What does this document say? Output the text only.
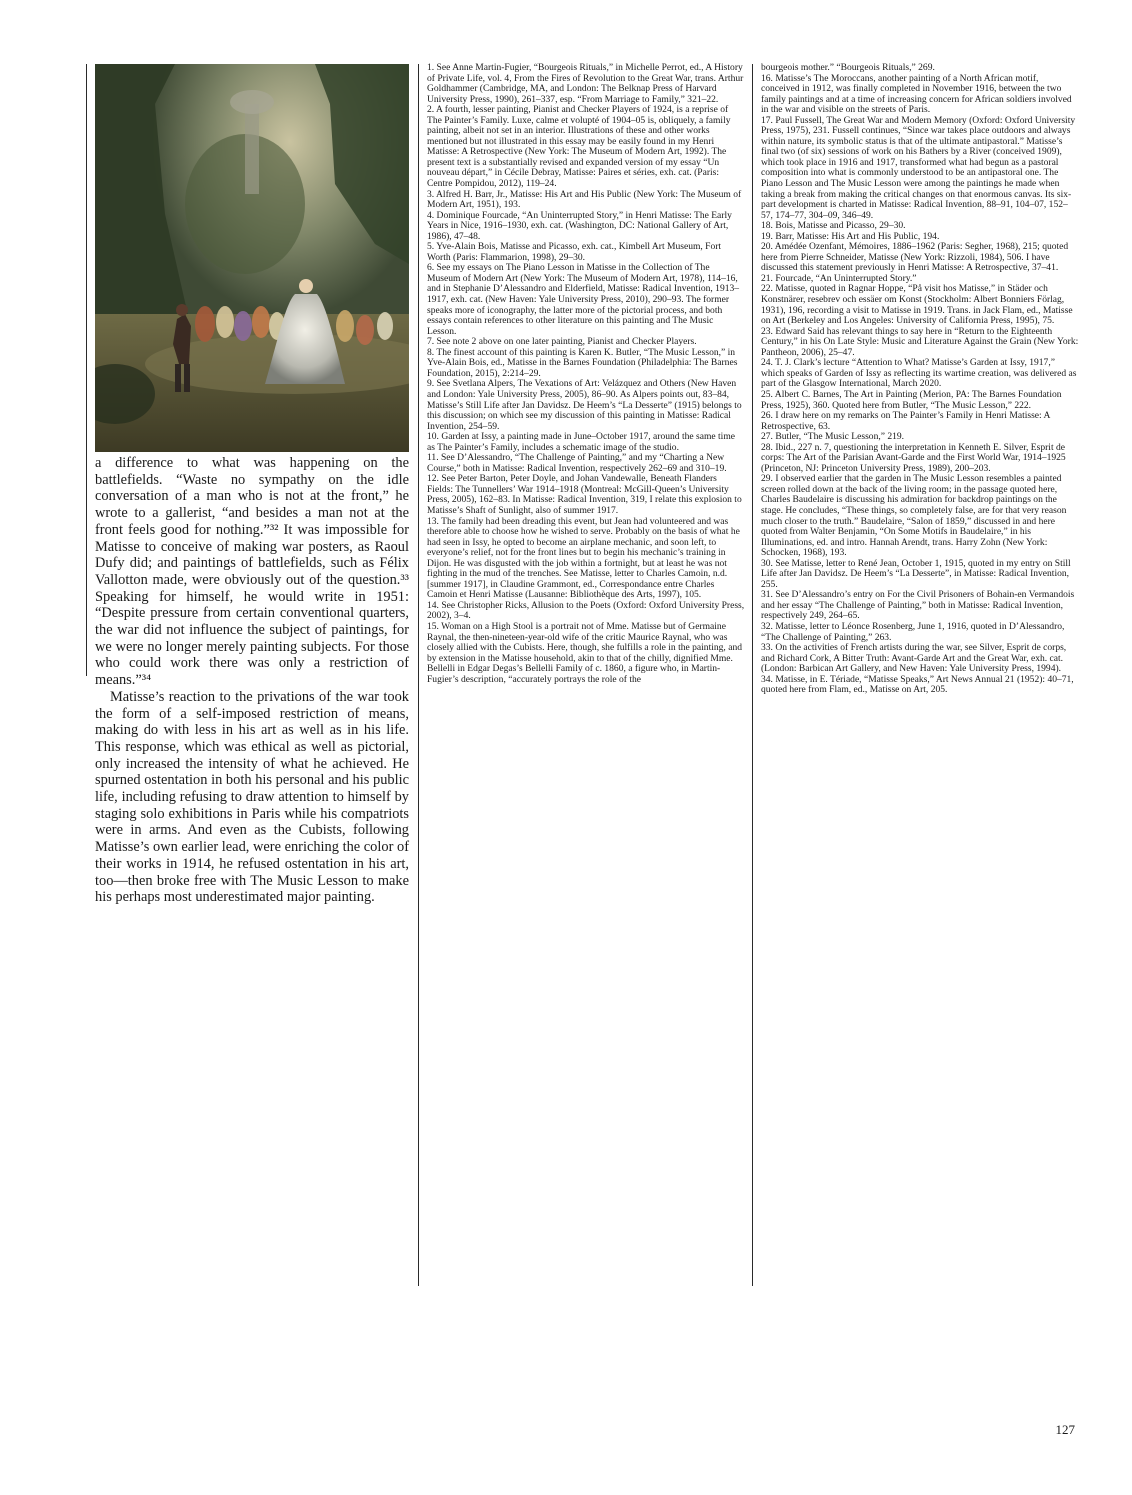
a difference to what was happening on the battlefields. “Waste no sympathy on the idle conversation of a man who is not at the front,” he wrote to a gallerist, “and besides a man not at the front feels good for nothing.”³² It was impossible for Matisse to conceive of making war posters, as Raoul Dufy did; and paintings of battlefields, such as Félix Vallotton made, were obviously out of the question.³³ Speaking for himself, he would write in 1951: “Despite pressure from certain conventional quarters, the war did not influence the subject of paintings, for we were no longer merely painting subjects. For those who could work there was only a restriction of means.”³⁴

Matisse’s reaction to the privations of the war took the form of a self-imposed restriction of means, making do with less in his art as well as in his life. This response, which was ethical as well as pictorial, only increased the intensity of what he achieved. He spurned ostentation in both his personal and his public life, including refusing to draw attention to himself by staging solo exhibitions in Paris while his compatriots were in arms. And even as the Cubists, following Matisse’s own earlier lead, were enriching the color of their works in 1914, he refused ostentation in his art, too—then broke free with The Music Lesson to make his perhaps most underestimated major painting.

1. See Anne Martin-Fugier, “Bourgeois Rituals,” in Michelle Perrot, ed., A History of Private Life, vol. 4, From the Fires of Revolution to the Great War, trans. Arthur Goldhammer (Cambridge, MA, and London: The Belknap Press of Harvard University Press, 1990), 261–337, esp. “From Marriage to Family,” 321–22.

2. A fourth, lesser painting, Pianist and Checker Players of 1924, is a reprise of The Painter’s Family. Luxe, calme et volupté of 1904–05 is, obliquely, a family painting, albeit not set in an interior. Illustrations of these and other works mentioned but not illustrated in this essay may be easily found in my Henri Matisse: A Retrospective (New York: The Museum of Modern Art, 1992). The present text is a substantially revised and expanded version of my essay “Un nouveau départ,” in Cécile Debray, Matisse: Paires et séries, exh. cat. (Paris: Centre Pompidou, 2012), 119–24.

3. Alfred H. Barr, Jr., Matisse: His Art and His Public (New York: The Museum of Modern Art, 1951), 193.

4. Dominique Fourcade, “An Uninterrupted Story,” in Henri Matisse: The Early Years in Nice, 1916–1930, exh. cat. (Washington, DC: National Gallery of Art, 1986), 47–48.

5. Yve-Alain Bois, Matisse and Picasso, exh. cat., Kimbell Art Museum, Fort Worth (Paris: Flammarion, 1998), 29–30.

6. See my essays on The Piano Lesson in Matisse in the Collection of The Museum of Modern Art (New York: The Museum of Modern Art, 1978), 114–16, and in Stephanie D’Alessandro and Elderfield, Matisse: Radical Invention, 1913–1917, exh. cat. (New Haven: Yale University Press, 2010), 290–93. The former speaks more of iconography, the latter more of the pictorial process, and both essays contain references to other literature on this painting and The Music Lesson.

7. See note 2 above on one later painting, Pianist and Checker Players.

8. The finest account of this painting is Karen K. Butler, “The Music Lesson,” in Yve-Alain Bois, ed., Matisse in the Barnes Foundation (Philadelphia: The Barnes Foundation, 2015), 2:214–29.

9. See Svetlana Alpers, The Vexations of Art: Velázquez and Others (New Haven and London: Yale University Press, 2005), 86–90. As Alpers points out, 83–84, Matisse’s Still Life after Jan Davidsz. De Heem’s “La Desserte” (1915) belongs to this discussion; on which see my discussion of this painting in Matisse: Radical Invention, 254–59.

10. Garden at Issy, a painting made in June–October 1917, around the same time as The Painter’s Family, includes a schematic image of the studio.

11. See D’Alessandro, “The Challenge of Painting,” and my “Charting a New Course,” both in Matisse: Radical Invention, respectively 262–69 and 310–19.

12. See Peter Barton, Peter Doyle, and Johan Vandewalle, Beneath Flanders Fields: The Tunnellers’ War 1914–1918 (Montreal: McGill-Queen’s University Press, 2005), 162–83. In Matisse: Radical Invention, 319, I relate this explosion to Matisse’s Shaft of Sunlight, also of summer 1917.

13. The family had been dreading this event, but Jean had volunteered and was therefore able to choose how he wished to serve. Probably on the basis of what he had seen in Issy, he opted to become an airplane mechanic, and soon left, to everyone’s relief, not for the front lines but to begin his mechanic’s training in Dijon. He was disgusted with the job within a fortnight, but at least he was not fighting in the mud of the trenches. See Matisse, letter to Charles Camoin, n.d. [summer 1917], in Claudine Grammont, ed., Correspondance entre Charles Camoin et Henri Matisse (Lausanne: Bibliothèque des Arts, 1997), 105.

14. See Christopher Ricks, Allusion to the Poets (Oxford: Oxford University Press, 2002), 3–4.

15. Woman on a High Stool is a portrait not of Mme. Matisse but of Germaine Raynal, the then-nineteen-year-old wife of the critic Maurice Raynal, who was closely allied with the Cubists. Here, though, she fulfills a role in the painting, and by extension in the Matisse household, akin to that of the chilly, dignified Mme. Bellelli in Edgar Degas’s Bellelli Family of c. 1860, a figure who, in Martin-Fugier’s description, “accurately portrays the role of the

bourgeois mother.” “Bourgeois Rituals,” 269.

16. Matisse’s The Moroccans, another painting of a North African motif, conceived in 1912, was finally completed in November 1916, between the two family paintings and at a time of increasing concern for African soldiers involved in the war and visible on the streets of Paris.

17. Paul Fussell, The Great War and Modern Memory (Oxford: Oxford University Press, 1975), 231. Fussell continues, “Since war takes place outdoors and always within nature, its symbolic status is that of the ultimate antipastoral.” Matisse’s final two (of six) sessions of work on his Bathers by a River (conceived 1909), which took place in 1916 and 1917, transformed what had begun as a pastoral composition into what is commonly understood to be an antipastoral one. The Piano Lesson and The Music Lesson were among the paintings he made when taking a break from making the critical changes on that enormous canvas. Its six-part development is charted in Matisse: Radical Invention, 88–91, 104–07, 152–57, 174–77, 304–09, 346–49.

18. Bois, Matisse and Picasso, 29–30.

19. Barr, Matisse: His Art and His Public, 194.

20. Amédée Ozenfant, Mémoires, 1886–1962 (Paris: Segher, 1968), 215; quoted here from Pierre Schneider, Matisse (New York: Rizzoli, 1984), 506. I have discussed this statement previously in Henri Matisse: A Retrospective, 37–41.

21. Fourcade, “An Uninterrupted Story.”

22. Matisse, quoted in Ragnar Hoppe, “På visit hos Matisse,” in Städer och Konstnärer, resebrev och essäer om Konst (Stockholm: Albert Bonniers Förlag, 1931), 196, recording a visit to Matisse in 1919. Trans. in Jack Flam, ed., Matisse on Art (Berkeley and Los Angeles: University of California Press, 1995), 75.

23. Edward Said has relevant things to say here in “Return to the Eighteenth Century,” in his On Late Style: Music and Literature Against the Grain (New York: Pantheon, 2006), 25–47.

24. T. J. Clark’s lecture “Attention to What? Matisse’s Garden at Issy, 1917,” which speaks of Garden of Issy as reflecting its wartime creation, was delivered as part of the Glasgow International, March 2020.

25. Albert C. Barnes, The Art in Painting (Merion, PA: The Barnes Foundation Press, 1925), 360. Quoted here from Butler, “The Music Lesson,” 222.

26. I draw here on my remarks on The Painter’s Family in Henri Matisse: A Retrospective, 63.

27. Butler, “The Music Lesson,” 219.

28. Ibid., 227 n. 7, questioning the interpretation in Kenneth E. Silver, Esprit de corps: The Art of the Parisian Avant-Garde and the First World War, 1914–1925 (Princeton, NJ: Princeton University Press, 1989), 200–203.

29. I observed earlier that the garden in The Music Lesson resembles a painted screen rolled down at the back of the living room; in the passage quoted here, Charles Baudelaire is discussing his admiration for backdrop paintings on the stage. He concludes, “These things, so completely false, are for that very reason much closer to the truth.” Baudelaire, “Salon of 1859,” discussed in and here quoted from Walter Benjamin, “On Some Motifs in Baudelaire,” in his Illuminations, ed. and intro. Hannah Arendt, trans. Harry Zohn (New York: Schocken, 1968), 193.

30. See Matisse, letter to René Jean, October 1, 1915, quoted in my entry on Still Life after Jan Davidsz. De Heem’s “La Desserte”, in Matisse: Radical Invention, 255.

31. See D’Alessandro’s entry on For the Civil Prisoners of Bohain-en Vermandois and her essay “The Challenge of Painting,” both in Matisse: Radical Invention, respectively 249, 264–65.

32. Matisse, letter to Léonce Rosenberg, June 1, 1916, quoted in D’Alessandro, “The Challenge of Painting,” 263.

33. On the activities of French artists during the war, see Silver, Esprit de corps, and Richard Cork, A Bitter Truth: Avant-Garde Art and the Great War, exh. cat. (London: Barbican Art Gallery, and New Haven: Yale University Press, 1994).

34. Matisse, in E. Tériade, “Matisse Speaks,” Art News Annual 21 (1952): 40–71, quoted here from Flam, ed., Matisse on Art, 205.

127
